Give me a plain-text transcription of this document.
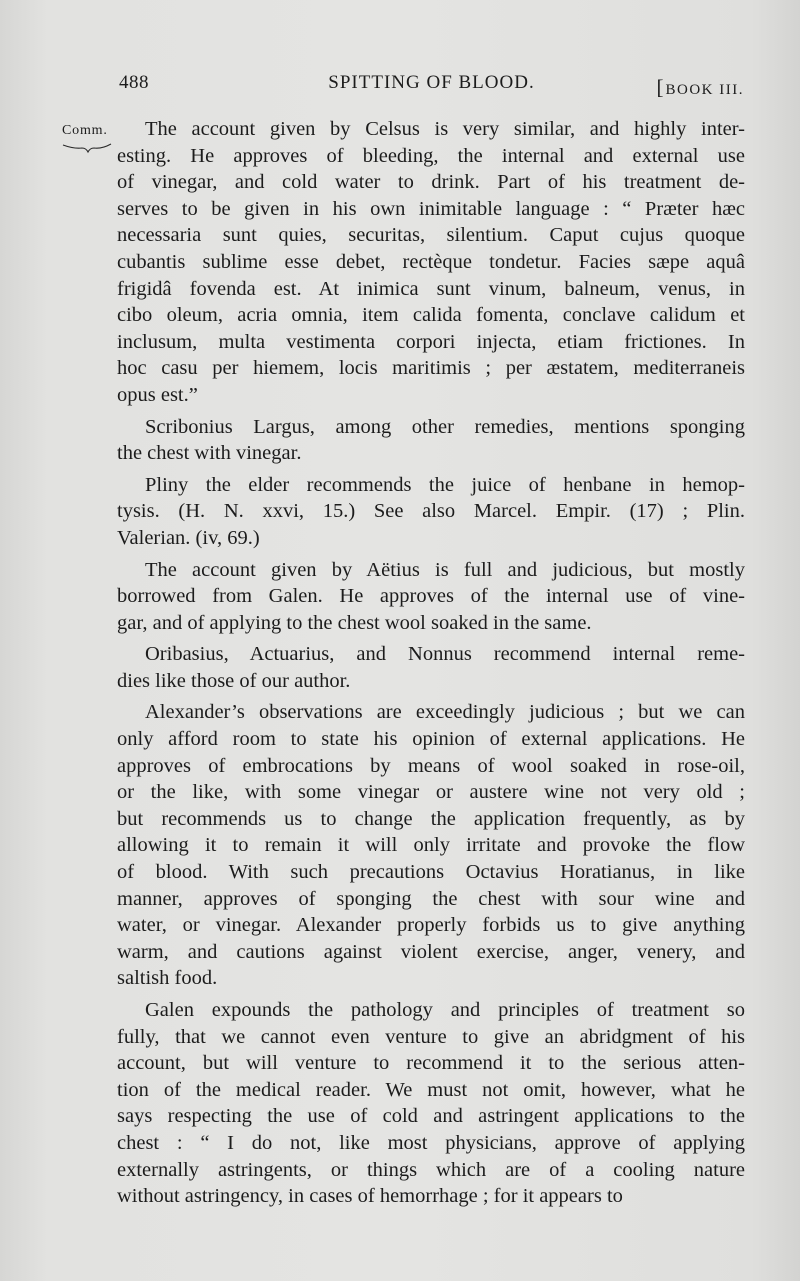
488	SPITTING OF BLOOD.	[ BOOK III.
Comm.	The account given by Celsus is very similar, and highly inter-
esting. He approves of bleeding, the internal and external use
of vinegar, and cold water to drink. Part of his treatment de-
serves to be given in his own inimitable language : “ Præter hæc
necessaria sunt quies, securitas, silentium. Caput cujus quoque
cubantis sublime esse debet, rectèque tondetur. Facies sæpe aquâ
frigidâ fovenda est. At inimica sunt vinum, balneum, venus, in
cibo oleum, acria omnia, item calida fomenta, conclave calidum et
inclusum, multa vestimenta corpori injecta, etiam frictiones. In
hoc casu per hiemem, locis maritimis ; per æstatem, mediterraneis
opus est.”
Scribonius Largus, among other remedies, mentions sponging
the chest with vinegar.
Pliny the elder recommends the juice of henbane in hemop-
tysis. (H. N. xxvi, 15.) See also Marcel. Empir. (17) ; Plin.
Valerian. (iv, 69.)
The account given by Aëtius is full and judicious, but mostly
borrowed from Galen. He approves of the internal use of vine-
gar, and of applying to the chest wool soaked in the same.
Oribasius, Actuarius, and Nonnus recommend internal reme-
dies like those of our author.
Alexander’s observations are exceedingly judicious ; but we can
only afford room to state his opinion of external applications. He
approves of embrocations by means of wool soaked in rose-oil,
or the like, with some vinegar or austere wine not very old ;
but recommends us to change the application frequently, as by
allowing it to remain it will only irritate and provoke the flow
of blood. With such precautions Octavius Horatianus, in like
manner, approves of sponging the chest with sour wine and
water, or vinegar. Alexander properly forbids us to give anything
warm, and cautions against violent exercise, anger, venery, and
saltish food.
Galen expounds the pathology and principles of treatment so
fully, that we cannot even venture to give an abridgment of his
account, but will venture to recommend it to the serious atten-
tion of the medical reader. We must not omit, however, what he
says respecting the use of cold and astringent applications to the
chest : “ I do not, like most physicians, approve of applying
externally astringents, or things which are of a cooling nature
without astringency, in cases of hemorrhage ; for it appears to
